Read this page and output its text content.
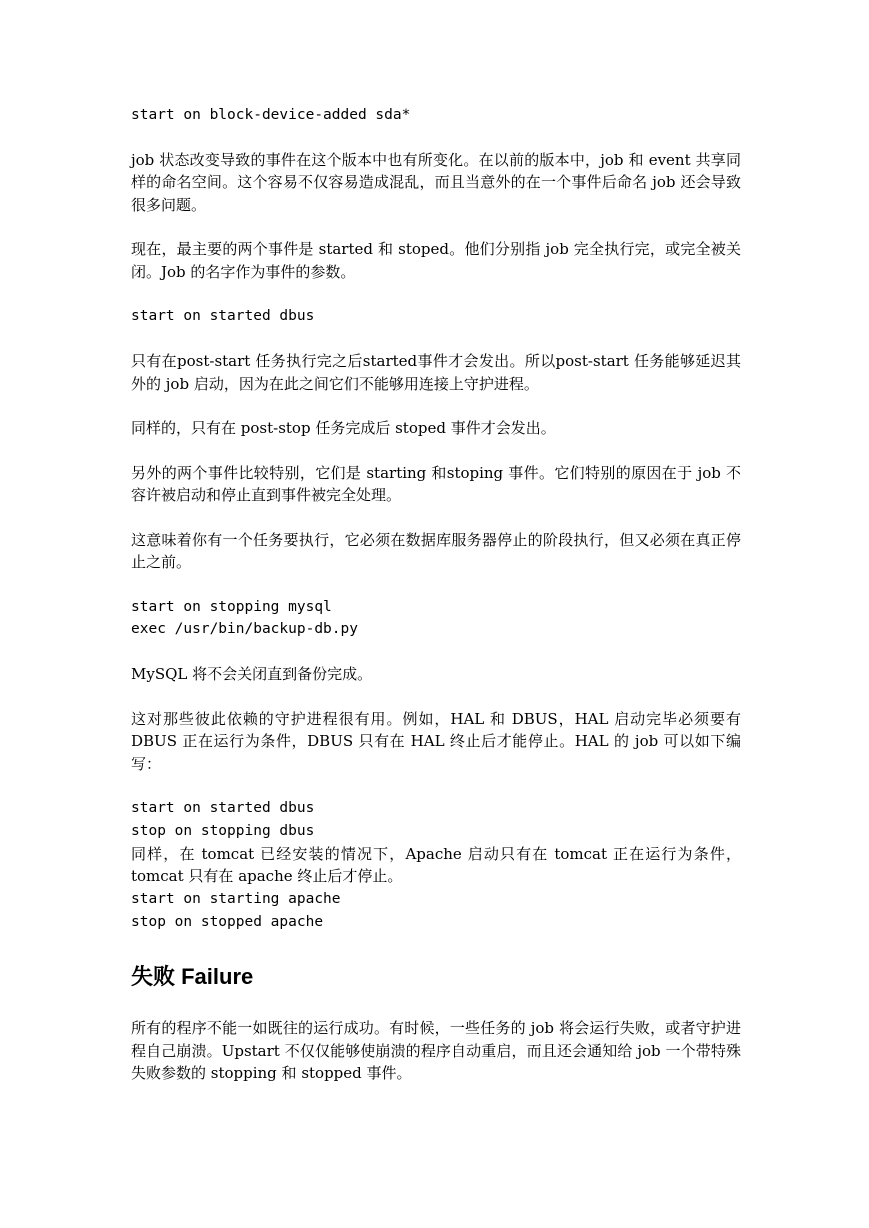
start on block-device-added sda*

job 状态改变导致的事件在这个版本中也有所变化。在以前的版本中，job 和 event 共享同样的命名空间。这个容易不仅容易造成混乱，而且当意外的在一个事件后命名 job 还会导致很多问题。

现在，最主要的两个事件是 started 和 stoped。他们分别指 job 完全执行完，或完全被关闭。Job 的名字作为事件的参数。

start on started dbus

只有在post-start 任务执行完之后started事件才会发出。所以post-start 任务能够延迟其外的 job 启动，因为在此之间它们不能够用连接上守护进程。

同样的，只有在 post-stop 任务完成后 stoped 事件才会发出。

另外的两个事件比较特别，它们是 starting 和stoping 事件。它们特别的原因在于 job 不容许被启动和停止直到事件被完全处理。

这意味着你有一个任务要执行，它必须在数据库服务器停止的阶段执行，但又必须在真正停止之前。

start on stopping mysql
exec /usr/bin/backup-db.py

MySQL 将不会关闭直到备份完成。

这对那些彼此依赖的守护进程很有用。例如，HAL 和 DBUS，HAL 启动完毕必须要有 DBUS 正在运行为条件，DBUS 只有在 HAL 终止后才能停止。HAL 的 job 可以如下编写：

start on started dbus
stop on stopping dbus

同样，在 tomcat 已经安装的情况下，Apache 启动只有在 tomcat 正在运行为条件，tomcat 只有在 apache 终止后才停止。

start on starting apache
stop on stopped apache
失败 Failure

所有的程序不能一如既往的运行成功。有时候，一些任务的 job 将会运行失败，或者守护进程自己崩溃。Upstart 不仅仅能够使崩溃的程序自动重启，而且还会通知给 job 一个带特殊失败参数的 stopping 和 stopped 事件。
